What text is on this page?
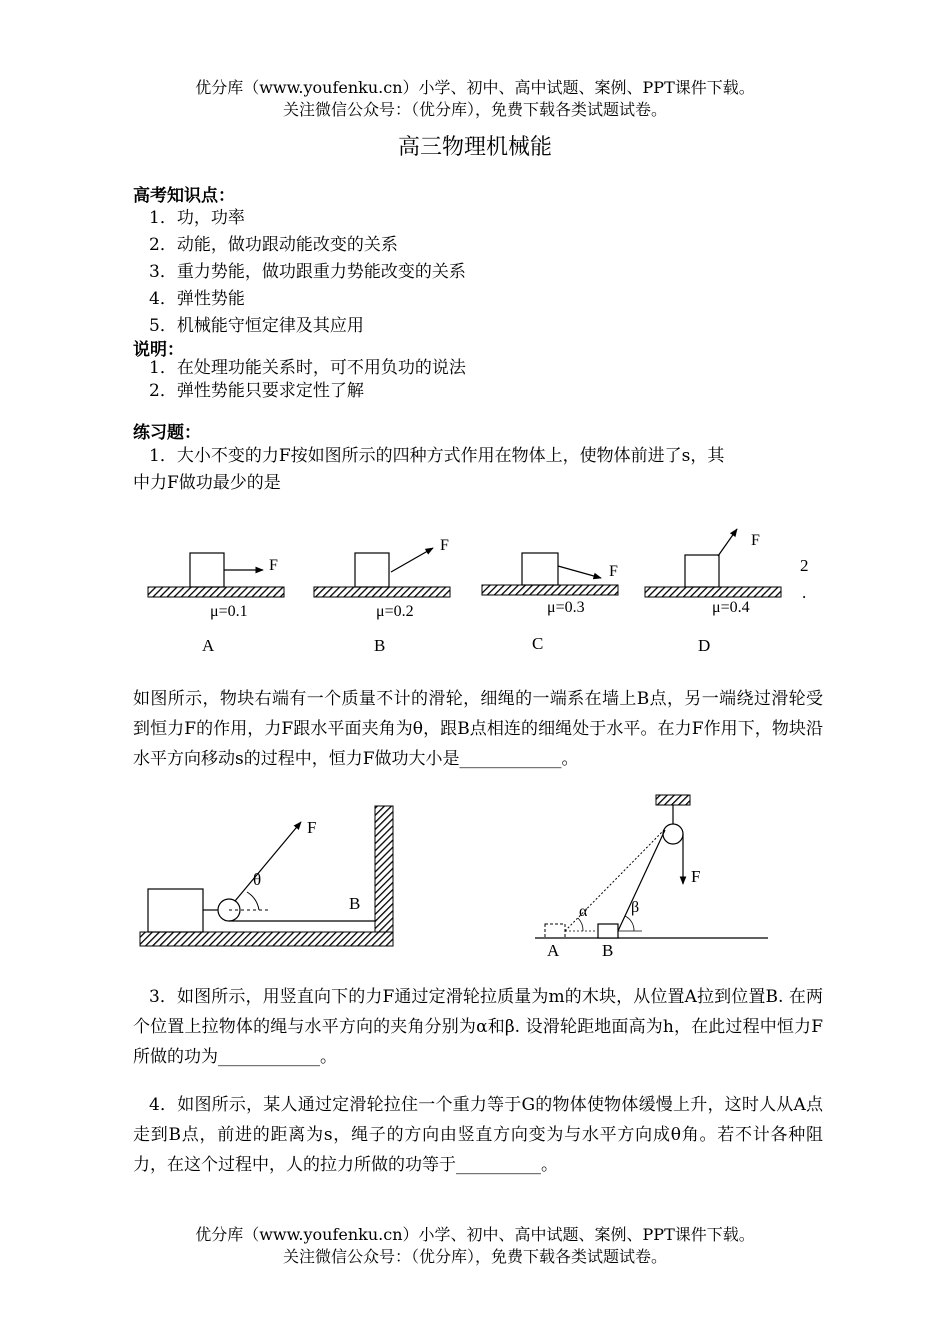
优分库（www.youfenku.cn）小学、初中、高中试题、案例、PPT课件下载。
关注微信公众号：（优分库），免费下载各类试题试卷。
高三物理机械能
高考知识点：
1．功，功率
2．动能，做功跟动能改变的关系
3．重力势能，做功跟重力势能改变的关系
4．弹性势能
5．机械能守恒定律及其应用
说明：
1．在处理功能关系时，可不用负功的说法
2．弹性势能只要求定性了解
练习题：
1．大小不变的力F按如图所示的四种方式作用在物体上，使物体前进了s，其
中力F做功最少的是
F
μ=0.1
A
F
μ=0.2
B
F
μ=0.3
C
F
μ=0.4
D
2
.
如图所示，物块右端有一个质量不计的滑轮，细绳的一端系在墙上B点，另一端绕过滑轮受到恒力F的作用，力F跟水平面夹角为θ，跟B点相连的细绳处于水平。在力F作用下，物块沿水平方向移动s的过程中，恒力F做功大小是____________。
θ
F
B
F
α	β
A	B
3．如图所示，用竖直向下的力F通过定滑轮拉质量为m的木块，从位置A拉到位置B. 在两个位置上拉物体的绳与水平方向的夹角分别为α和β. 设滑轮距地面高为h，在此过程中恒力F所做的功为____________。
4．如图所示，某人通过定滑轮拉住一个重力等于G的物体使物体缓慢上升，这时人从A点走到B点，前进的距离为s，绳子的方向由竖直方向变为与水平方向成θ角。若不计各种阻力，在这个过程中，人的拉力所做的功等于__________。
优分库（www.youfenku.cn）小学、初中、高中试题、案例、PPT课件下载。
关注微信公众号：（优分库），免费下载各类试题试卷。
